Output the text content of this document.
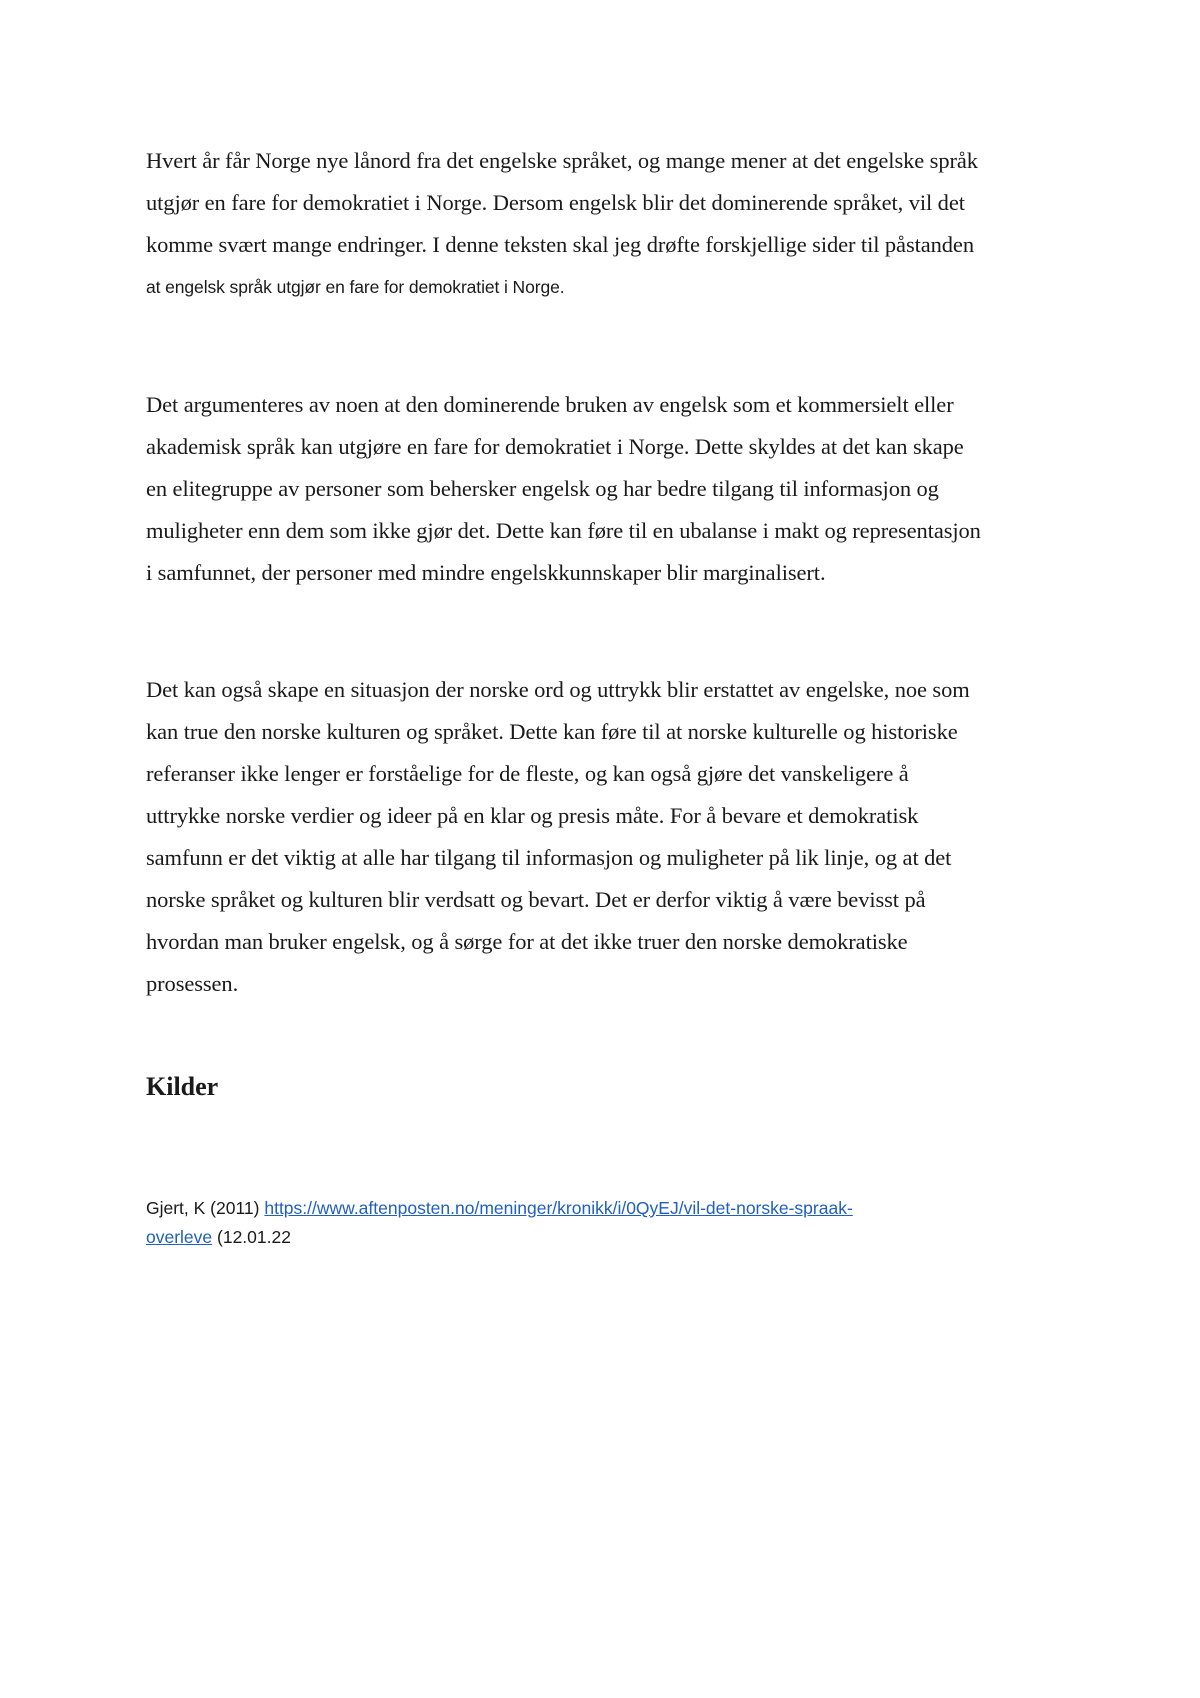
Hvert år får Norge nye lånord fra det engelske språket, og mange mener at det engelske språk
utgjør en fare for demokratiet i Norge. Dersom engelsk blir det dominerende språket, vil det
komme svært mange endringer. I denne teksten skal jeg drøfte forskjellige sider til påstanden
at engelsk språk utgjør en fare for demokratiet i Norge.
Det argumenteres av noen at den dominerende bruken av engelsk som et kommersielt eller
akademisk språk kan utgjøre en fare for demokratiet i Norge. Dette skyldes at det kan skape
en elitegruppe av personer som behersker engelsk og har bedre tilgang til informasjon og
muligheter enn dem som ikke gjør det. Dette kan føre til en ubalanse i makt og representasjon
i samfunnet, der personer med mindre engelskkunnskaper blir marginalisert.
Det kan også skape en situasjon der norske ord og uttrykk blir erstattet av engelske, noe som
kan true den norske kulturen og språket. Dette kan føre til at norske kulturelle og historiske
referanser ikke lenger er forståelige for de fleste, og kan også gjøre det vanskeligere å
uttrykke norske verdier og ideer på en klar og presis måte. For å bevare et demokratisk
samfunn er det viktig at alle har tilgang til informasjon og muligheter på lik linje, og at det
norske språket og kulturen blir verdsatt og bevart. Det er derfor viktig å være bevisst på
hvordan man bruker engelsk, og å sørge for at det ikke truer den norske demokratiske
prosessen.
Kilder
Gjert, K (2011) https://www.aftenposten.no/meninger/kronikk/i/0QyEJ/vil-det-norske-spraak-
overleve (12.01.22
